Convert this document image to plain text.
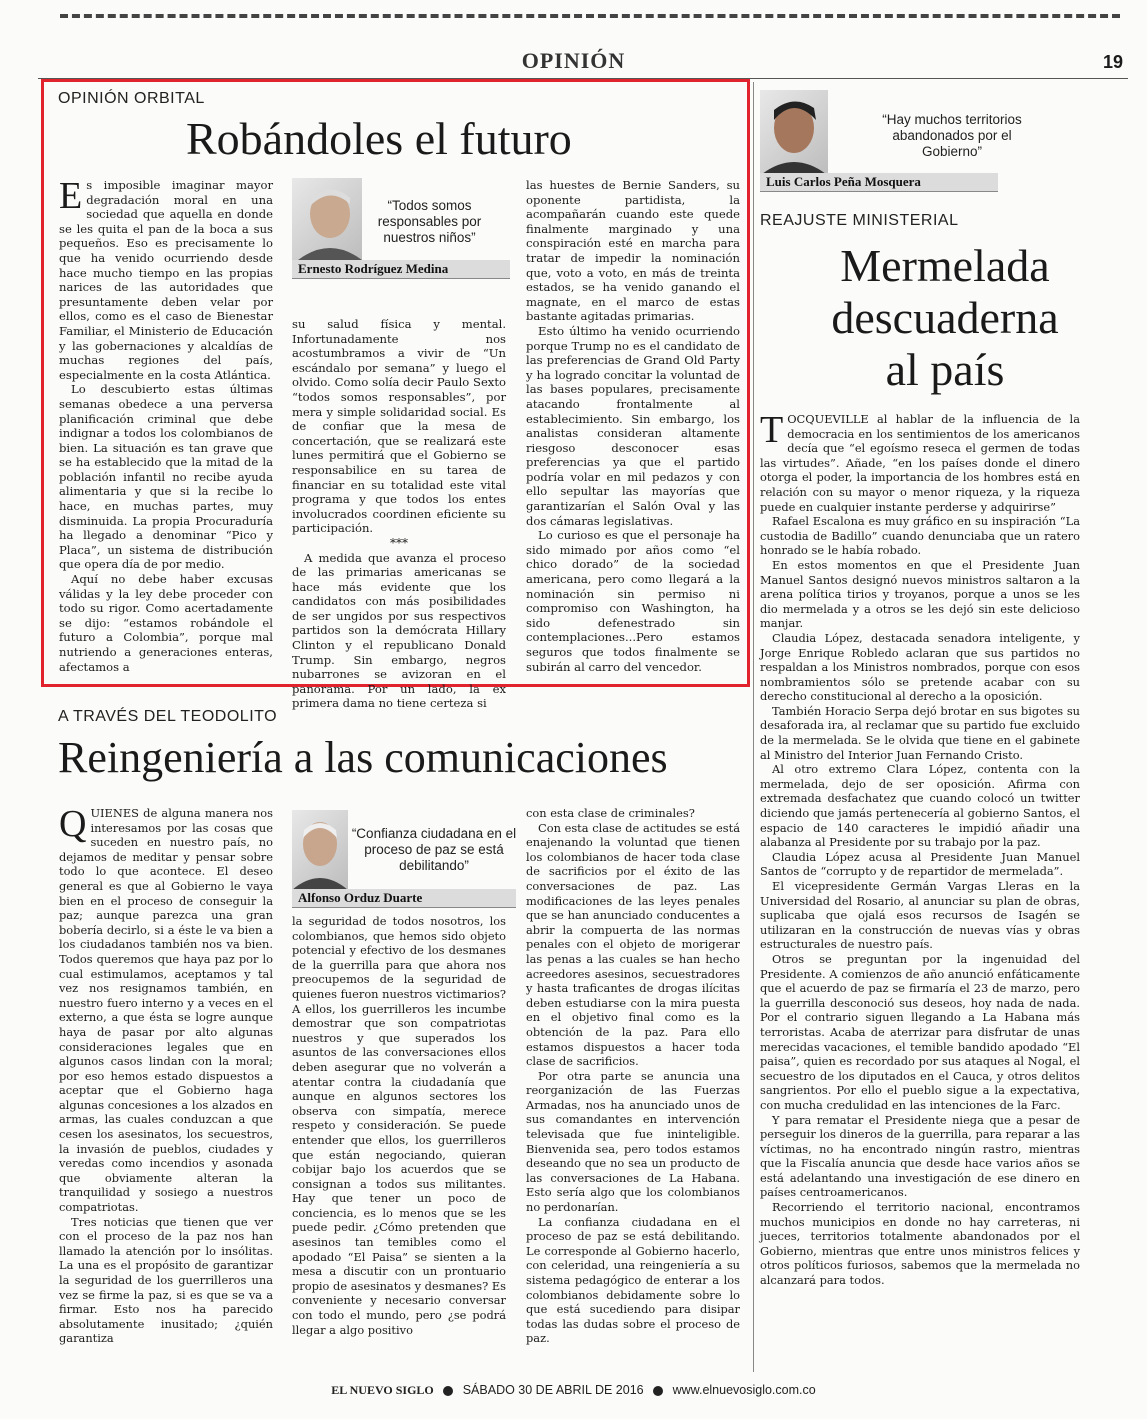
OPINIÓN	19
OPINIÓN ORBITAL
Robándoles el futuro

Es imposible imaginar mayor degradación moral en una sociedad que aquella en donde se les quita el pan de la boca a sus pequeños. Eso es precisamente lo que ha venido ocurriendo desde hace mucho tiempo en las propias narices de las autoridades que presuntamente deben velar por ellos, como es el caso de Bienestar Familiar, el Ministerio de Educación y las gobernaciones y alcaldías de muchas regiones del país, especialmente en la costa Atlántica.

Lo descubierto estas últimas semanas obedece a una perversa planificación criminal que debe indignar a todos los colombianos de bien. La situación es tan grave que se ha establecido que la mitad de la población infantil no recibe ayuda alimentaria y que si la recibe lo hace, en muchas partes, muy disminuida. La propia Procuraduría ha llegado a denominar “Pico y Placa”, un sistema de distribución que opera día de por medio.

Aquí no debe haber excusas válidas y la ley debe proceder con todo su rigor. Como acertadamente se dijo: “estamos robándole el futuro a Colombia”, porque mal nutriendo a generaciones enteras, afectamos a

“Todos somos responsables por nuestros niños”
Ernesto Rodríguez Medina

su salud física y mental. Infortunadamente nos acostumbramos a vivir de “Un escándalo por semana” y luego el olvido. Como solía decir Paulo Sexto “todos somos responsables”, por mera y simple solidaridad social. Es de confiar que la mesa de concertación, que se realizará este lunes permitirá que el Gobierno se responsabilice en su tarea de financiar en su totalidad este vital programa y que todos los entes involucrados coordinen eficiente su participación.

***

A medida que avanza el proceso de las primarias americanas se hace más evidente que los candidatos con más posibilidades de ser ungidos por sus respectivos partidos son la demócrata Hillary Clinton y el republicano Donald Trump. Sin embargo, negros nubarrones se avizoran en el panorama. Por un lado, la ex primera dama no tiene certeza si

las huestes de Bernie Sanders, su oponente partidista, la acompañarán cuando este quede finalmente marginado y una conspiración esté en marcha para tratar de impedir la nominación que, voto a voto, en más de treinta estados, se ha venido ganando el magnate, en el marco de estas bastante agitadas primarias.

Esto último ha venido ocurriendo porque Trump no es el candidato de las preferencias de Grand Old Party y ha logrado concitar la voluntad de las bases populares, precisamente atacando frontalmente al establecimiento. Sin embargo, los analistas consideran altamente riesgoso desconocer esas preferencias ya que el partido podría volar en mil pedazos y con ello sepultar las mayorías que garantizarían el Salón Oval y las dos cámaras legislativas.

Lo curioso es que el personaje ha sido mimado por años como “el chico dorado” de la sociedad americana, pero como llegará a la nominación sin permiso ni compromiso con Washington, ha sido defenestrado sin contemplaciones...Pero estamos seguros que todos finalmente se subirán al carro del vencedor.

“Hay muchos territorios abandonados por el Gobierno”
Luis Carlos Peña Mosquera
REAJUSTE MINISTERIAL
Mermelada
descuaderna
al país

TOCQUEVILLE al hablar de la influencia de la democracia en los sentimientos de los americanos decía que “el egoísmo reseca el germen de todas las virtudes”. Añade, “en los países donde el dinero otorga el poder, la importancia de los hombres está en relación con su mayor o menor riqueza, y la riqueza puede en cualquier instante perderse y adquirirse”

Rafael Escalona es muy gráfico en su inspiración “La custodia de Badillo” cuando denunciaba que un ratero honrado se le había robado.

En estos momentos en que el Presidente Juan Manuel Santos designó nuevos ministros saltaron a la arena política tirios y troyanos, porque a unos se les dio mermelada y a otros se les dejó sin este delicioso manjar.

Claudia López, destacada senadora inteligente, y Jorge Enrique Robledo aclaran que sus partidos no respaldan a los Ministros nombrados, porque con esos nombramientos sólo se pretende acabar con su derecho constitucional al derecho a la oposición.

También Horacio Serpa dejó brotar en sus bigotes su desaforada ira, al reclamar que su partido fue excluido de la mermelada. Se le olvida que tiene en el gabinete al Ministro del Interior Juan Fernando Cristo.

Al otro extremo Clara López, contenta con la mermelada, dejo de ser oposición. Afirma con extremada desfachatez que cuando colocó un twitter diciendo que jamás pertenecería al gobierno Santos, el espacio de 140 caracteres le impidió añadir una alabanza al Presidente por su trabajo por la paz.

Claudia López acusa al Presidente Juan Manuel Santos de “corrupto y de repartidor de mermelada”.

El vicepresidente Germán Vargas Lleras en la Universidad del Rosario, al anunciar su plan de obras, suplicaba que ojalá esos recursos de Isagén se utilizaran en la construcción de nuevas vías y obras estructurales de nuestro país.

Otros se preguntan por la ingenuidad del Presidente. A comienzos de año anunció enfáticamente que el acuerdo de paz se firmaría el 23 de marzo, pero la guerrilla desconoció sus deseos, hoy nada de nada. Por el contrario siguen llegando a La Habana más terroristas. Acaba de aterrizar para disfrutar de unas merecidas vacaciones, el temible bandido apodado “El paisa”, quien es recordado por sus ataques al Nogal, el secuestro de los diputados en el Cauca, y otros delitos sangrientos. Por ello el pueblo sigue a la expectativa, con mucha credulidad en las intenciones de la Farc.

Y para rematar el Presidente niega que a pesar de perseguir los dineros de la guerrilla, para reparar a las víctimas, no ha encontrado ningún rastro, mientras que la Fiscalía anuncia que desde hace varios años se está adelantando una investigación de ese dinero en países centroamericanos.

Recorriendo el territorio nacional, encontramos muchos municipios en donde no hay carreteras, ni jueces, territorios totalmente abandonados por el Gobierno, mientras que entre unos ministros felices y otros políticos furiosos, sabemos que la mermelada no alcanzará para todos.

A TRAVÉS DEL TEODOLITO
Reingeniería a las comunicaciones

QUIENES de alguna manera nos interesamos por las cosas que suceden en nuestro país, no dejamos de meditar y pensar sobre todo lo que acontece. El deseo general es que al Gobierno le vaya bien en el proceso de conseguir la paz; aunque parezca una gran bobería decirlo, si a éste le va bien a los ciudadanos también nos va bien. Todos queremos que haya paz por lo cual estimulamos, aceptamos y tal vez nos resignamos también, en nuestro fuero interno y a veces en el externo, a que ésta se logre aunque haya de pasar por alto algunas consideraciones legales que en algunos casos lindan con la moral; por eso hemos estado dispuestos a aceptar que el Gobierno haga algunas concesiones a los alzados en armas, las cuales conduzcan a que cesen los asesinatos, los secuestros, la invasión de pueblos, ciudades y veredas como incendios y asonada que obviamente alteran la tranquilidad y sosiego a nuestros compatriotas.

Tres noticias que tienen que ver con el proceso de la paz nos han llamado la atención por lo insólitas. La una es el propósito de garantizar la seguridad de los guerrilleros una vez se firme la paz, si es que se va a firmar. Esto nos ha parecido absolutamente inusitado; ¿quién garantiza

“Confianza ciudadana en el proceso de paz se está debilitando”
Alfonso Orduz Duarte

la seguridad de todos nosotros, los colombianos, que hemos sido objeto potencial y efectivo de los desmanes de la guerrilla para que ahora nos preocupemos de la seguridad de quienes fueron nuestros victimarios? A ellos, los guerrilleros les incumbe demostrar que son compatriotas nuestros y que superados los asuntos de las conversaciones ellos deben asegurar que no volverán a atentar contra la ciudadanía que aunque en algunos sectores los observa con simpatía, merece respeto y consideración. Se puede entender que ellos, los guerrilleros que están negociando, quieran cobijar bajo los acuerdos que se consignan a todos sus militantes. Hay que tener un poco de conciencia, es lo menos que se les puede pedir. ¿Cómo pretenden que asesinos tan temibles como el apodado “El Paisa” se sienten a la mesa a discutir con un prontuario propio de asesinatos y desmanes? Es conveniente y necesario conversar con todo el mundo, pero ¿se podrá llegar a algo positivo

con esta clase de criminales?

Con esta clase de actitudes se está enajenando la voluntad que tienen los colombianos de hacer toda clase de sacrificios por el éxito de las conversaciones de paz. Las modificaciones de las leyes penales que se han anunciado conducentes a abrir la compuerta de las normas penales con el objeto de morigerar las penas a las cuales se han hecho acreedores asesinos, secuestradores y hasta traficantes de drogas ilícitas deben estudiarse con la mira puesta en el objetivo final como es la obtención de la paz. Para ello estamos dispuestos a hacer toda clase de sacrificios.

Por otra parte se anuncia una reorganización de las Fuerzas Armadas, nos ha anunciado unos de sus comandantes en intervención televisada que fue ininteligible. Bienvenida sea, pero todos estamos deseando que no sea un producto de las conversaciones de La Habana. Esto sería algo que los colombianos no perdonarían.

La confianza ciudadana en el proceso de paz se está debilitando. Le corresponde al Gobierno hacerlo, con celeridad, una reingeniería a su sistema pedagógico de enterar a los colombianos debidamente sobre lo que está sucediendo para disipar todas las dudas sobre el proceso de paz.

EL NUEVO SIGLO SÁBADO 30 DE ABRIL DE 2016 www.elnuevosiglo.com.co
